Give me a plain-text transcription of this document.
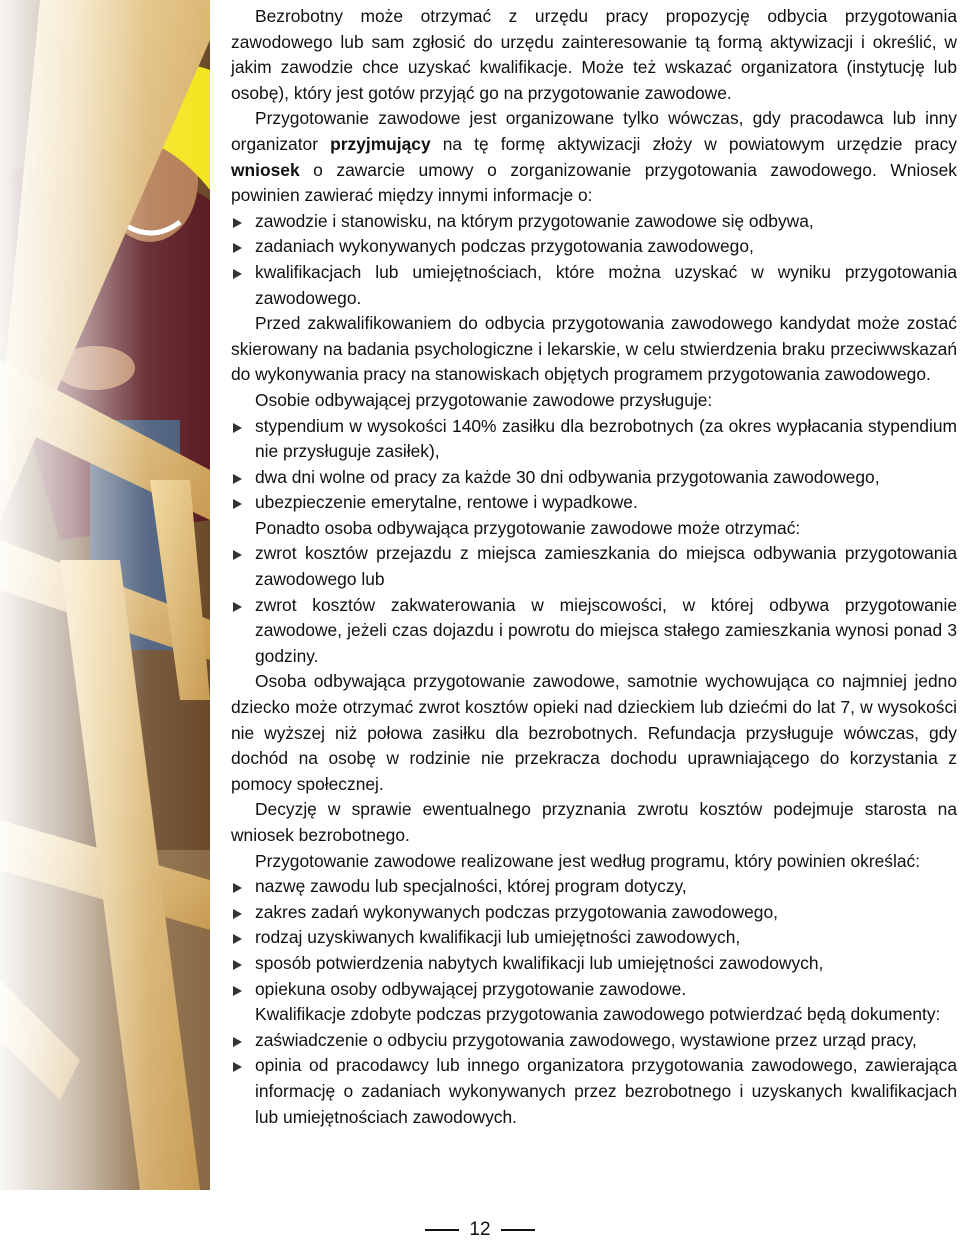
Bezrobotny może otrzymać z urzędu pracy propozycję odbycia przygotowania zawodowego lub sam zgłosić do urzędu zainteresowanie tą formą aktywizacji i określić, w jakim zawodzie chce uzyskać kwalifikacje. Może też wskazać organizatora (instytucję lub osobę), który jest gotów przyjąć go na przygotowanie zawodowe.

Przygotowanie zawodowe jest organizowane tylko wówczas, gdy pracodawca lub inny organizator przyjmujący na tę formę aktywizacji złoży w powiatowym urzędzie pracy wniosek o zawarcie umowy o zorganizowanie przygotowania zawodowego. Wniosek powinien zawierać między innymi informacje o:

zawodzie i stanowisku, na którym przygotowanie zawodowe się odbywa,

zadaniach wykonywanych podczas przygotowania zawodowego,

kwalifikacjach lub umiejętnościach, które można uzyskać w wyniku przygotowania zawodowego.

Przed zakwalifikowaniem do odbycia przygotowania zawodowego kandydat może zostać skierowany na badania psychologiczne i lekarskie, w celu stwierdzenia braku przeciwwskazań do wykonywania pracy na stanowiskach objętych programem przygotowania zawodowego.

Osobie odbywającej przygotowanie zawodowe przysługuje:

stypendium w wysokości 140% zasiłku dla bezrobotnych (za okres wypłacania stypendium nie przysługuje zasiłek),

dwa dni wolne od pracy za każde 30 dni odbywania przygotowania zawodowego,

ubezpieczenie emerytalne, rentowe i wypadkowe.

Ponadto osoba odbywająca przygotowanie zawodowe może otrzymać:

zwrot kosztów przejazdu z miejsca zamieszkania do miejsca odbywania przygotowania zawodowego lub

zwrot kosztów zakwaterowania w miejscowości, w której odbywa przygotowanie zawodowe, jeżeli czas dojazdu i powrotu do miejsca stałego zamieszkania wynosi ponad 3 godziny.

Osoba odbywająca przygotowanie zawodowe, samotnie wychowująca co najmniej jedno dziecko może otrzymać zwrot kosztów opieki nad dzieckiem lub dziećmi do lat 7, w wysokości nie wyższej niż połowa zasiłku dla bezrobotnych. Refundacja przysługuje wówczas, gdy dochód na osobę w rodzinie nie przekracza dochodu uprawniającego do korzystania z pomocy społecznej.

Decyzję w sprawie ewentualnego przyznania zwrotu kosztów podejmuje starosta na wniosek bezrobotnego.

Przygotowanie zawodowe realizowane jest według programu, który powinien określać:

nazwę zawodu lub specjalności, której program dotyczy,

zakres zadań wykonywanych podczas przygotowania zawodowego,

rodzaj uzyskiwanych kwalifikacji lub umiejętności zawodowych,

sposób potwierdzenia nabytych kwalifikacji lub umiejętności zawodowych,

opiekuna osoby odbywającej przygotowanie zawodowe.

Kwalifikacje zdobyte podczas przygotowania zawodowego potwierdzać będą dokumenty:

zaświadczenie o odbyciu przygotowania zawodowego, wystawione przez urząd pracy,

opinia od pracodawcy lub innego organizatora przygotowania zawodowego, zawierająca informację o zadaniach wykonywanych przez bezrobotnego i uzyskanych kwalifikacjach lub umiejętnościach zawodowych.

12
